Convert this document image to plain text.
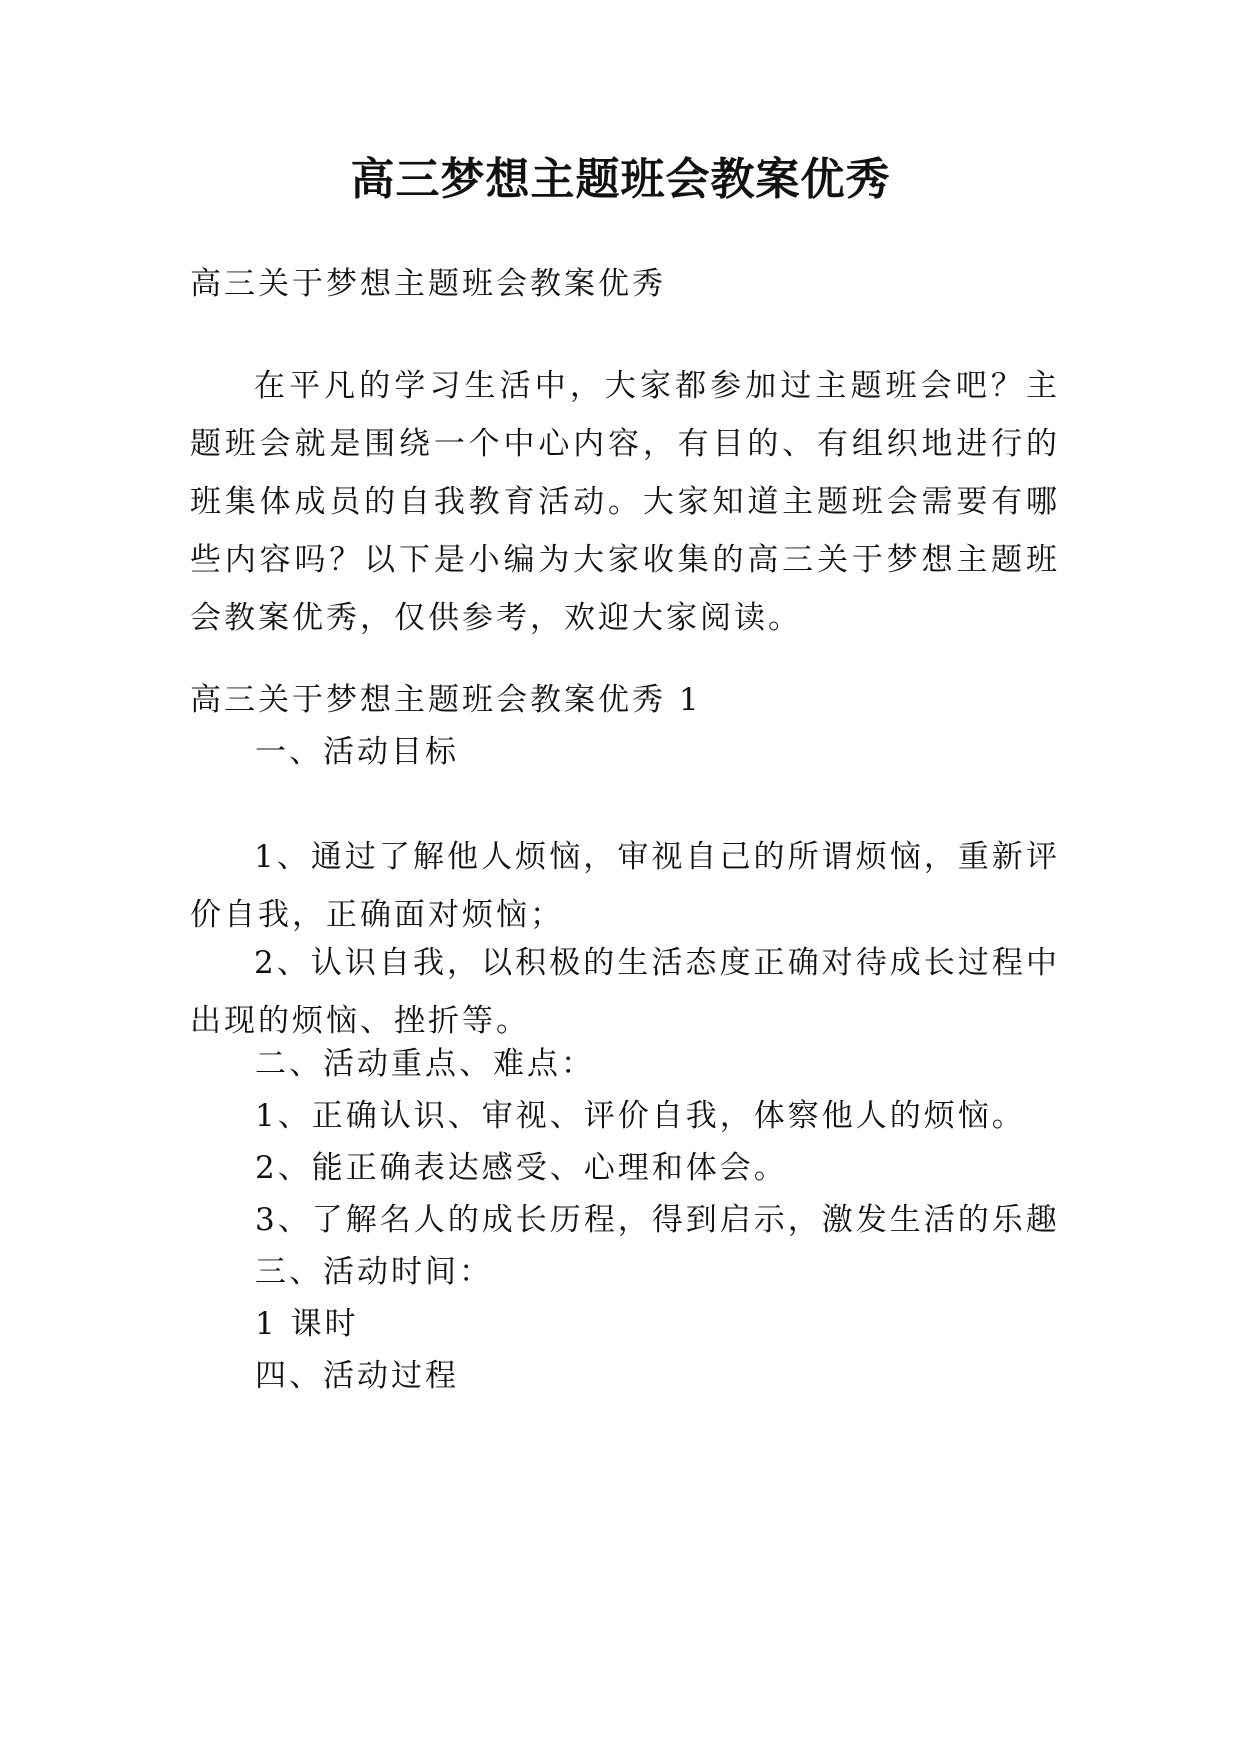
高三梦想主题班会教案优秀
高三关于梦想主题班会教案优秀
在平凡的学习生活中，大家都参加过主题班会吧？主题班会就是围绕一个中心内容，有目的、有组织地进行的班集体成员的自我教育活动。大家知道主题班会需要有哪些内容吗？以下是小编为大家收集的高三关于梦想主题班会教案优秀，仅供参考，欢迎大家阅读。
高三关于梦想主题班会教案优秀 1
一、活动目标
1、通过了解他人烦恼，审视自己的所谓烦恼，重新评价自我，正确面对烦恼；
2、认识自我，以积极的生活态度正确对待成长过程中出现的烦恼、挫折等。
二、活动重点、难点：
1、正确认识、审视、评价自我，体察他人的烦恼。
2、能正确表达感受、心理和体会。
3、了解名人的成长历程，得到启示，激发生活的乐趣
三、活动时间：
1 课时
四、活动过程
